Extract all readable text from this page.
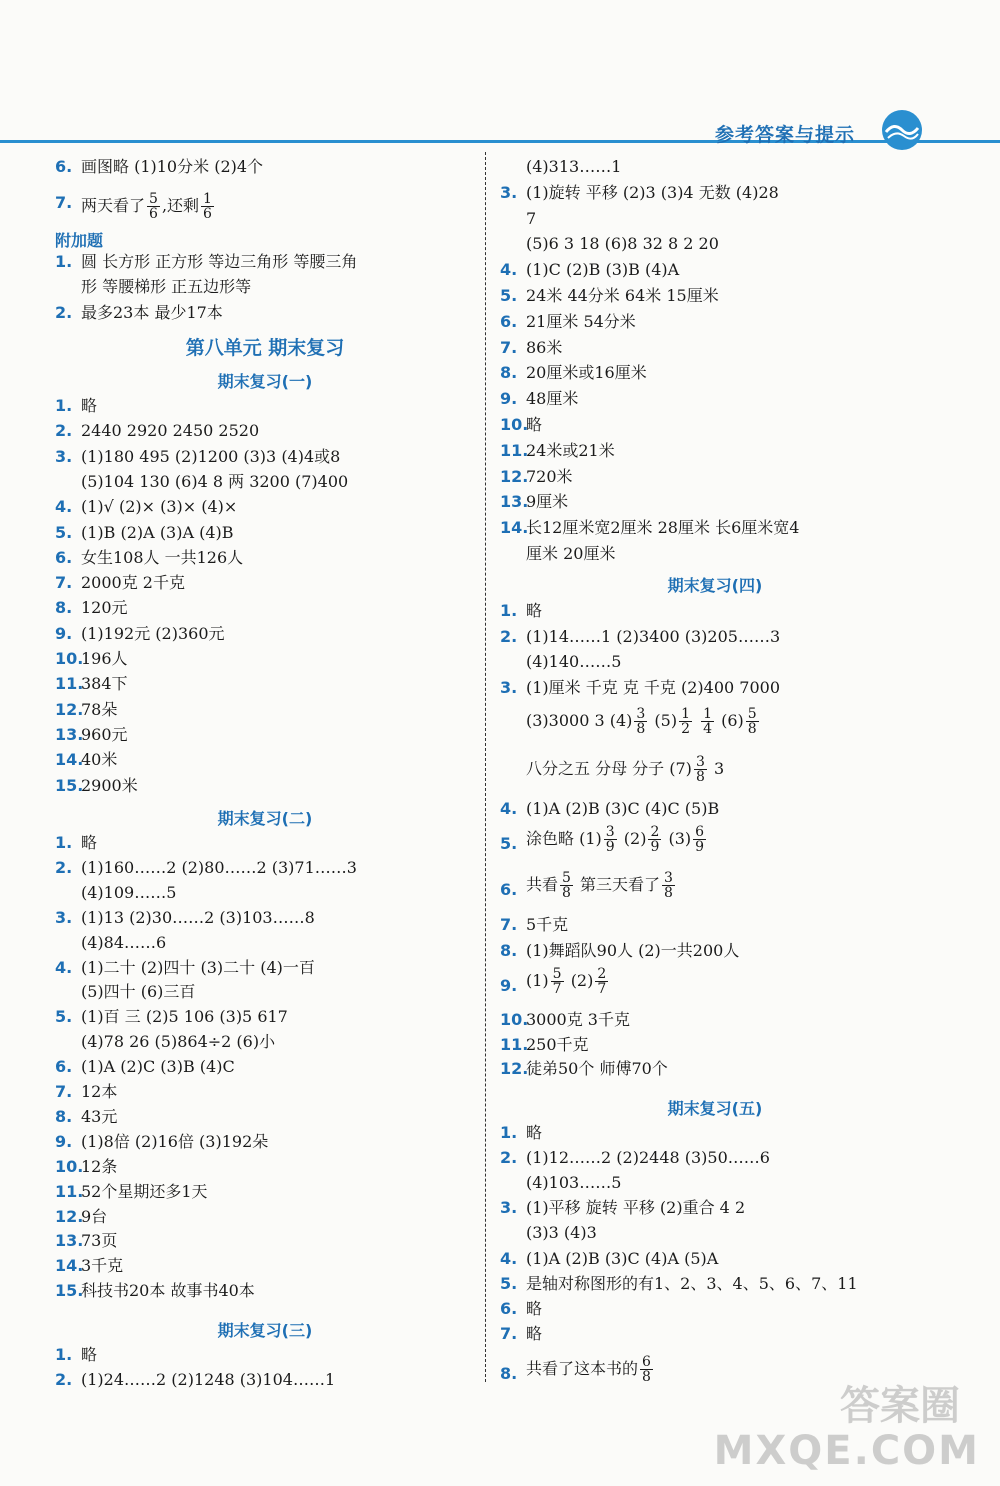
参考答案与提示
6. 画图略 (1)10分米 (2)4个
7. 两天看了 $\frac{5}{6}$ ,还剩 $\frac{1}{6}$
附加题
1. 圆 长方形 正方形 等边三角形 等腰三角
形 等腰梯形 正五边形等
2. 最多23本 最少17本
第八单元 期末复习
期末复习(一)
1. 略
2. 2440 2920 2450 2520
3. (1)180 495 (2)1200 (3)3 (4)4或8
(5)104 130 (6)4 8 两 3200 (7)400
4. (1)√ (2)× (3)× (4)×
5. (1)B (2)A (3)A (4)B
6. 女生108人 一共126人
7. 2000克 2千克
8. 120元
9. (1)192元 (2)360元
10.
196人
11.
384下
12.
78朵
13.
960元
14.
40米
15.
2900米
期末复习(二)
1. 略
2. (1)160……2 (2)80……2 (3)71……3
(4)109……5
3. (1)13 (2)30……2 (3)103……8
(4)84……6
4. (1)二十 (2)四十 (3)二十 (4)一百
(5)四十 (6)三百
5. (1)百 三 (2)5 106 (3)5 617
(4)78 26 (5)864÷2 (6)小
6. (1)A (2)C (3)B (4)C
7. 12本
8. 43元
9. (1)8倍 (2)16倍 (3)192朵
10.
12条
11.
52个星期还多1天
12.
9台
13.
73页
14.
3千克
15.
科技书20本 故事书40本
期末复习(三)
1. 略
2. (1)24……2 (2)1248 (3)104……1
(4)313……1
3. (1)旋转 平移 (2)3 (3)4 无数 (4)28
7
(5)6 3 18 (6)8 32 8 2 20
4. (1)C (2)B (3)B (4)A
5. 24米 44分米 64米 15厘米
6. 21厘米 54分米
7. 86米
8. 20厘米或16厘米
9. 48厘米
10.
略
11.
24米或21米
12.
720米
13.
9厘米
14.
长12厘米宽2厘米 28厘米 长6厘米宽4
厘米 20厘米
期末复习(四)
1. 略
2. (1)14……1 (2)3400 (3)205……3
(4)140……5
3. (1)厘米 千克 克 千克 (2)400 7000
(3)3000 3 $(4) \frac{3}{8} (5) \frac{1}{2}$
$\frac{1}{4} (6) \frac{5}{8}$
八分之五 分母 分子 $(7) \frac{3}{8} 3$
4. (1)A (2)B (3)C (4)C (5)B
5. 涂色略 $(1) \frac{3}{9} (2) \frac{2}{9} (3) \frac{6}{9}$
6. 共看 $\frac{5}{8}$ 第三天看了 $\frac{3}{8}$
7. 5千克
8. (1)舞蹈队90人 (2)一共200人
9. $(1) \frac{5}{7} (2) \frac{2}{7}$
10.
3000克 3千克
11.
250千克
12.
徒弟50个 师傅70个
期末复习(五)
1. 略
2. (1)12……2 (2)2448 (3)50……6
(4)103……5
3. (1)平移 旋转 平移 (2)重合 4 2
(3)3 (4)3
4. (1)A (2)B (3)C (4)A (5)A
5. 是轴对称图形的有1、2、3、4、5、6、7、11
6. 略
7. 略
8. 共看了这本书的 $\frac{6}{8}$
答案圈
MXQE.COM
